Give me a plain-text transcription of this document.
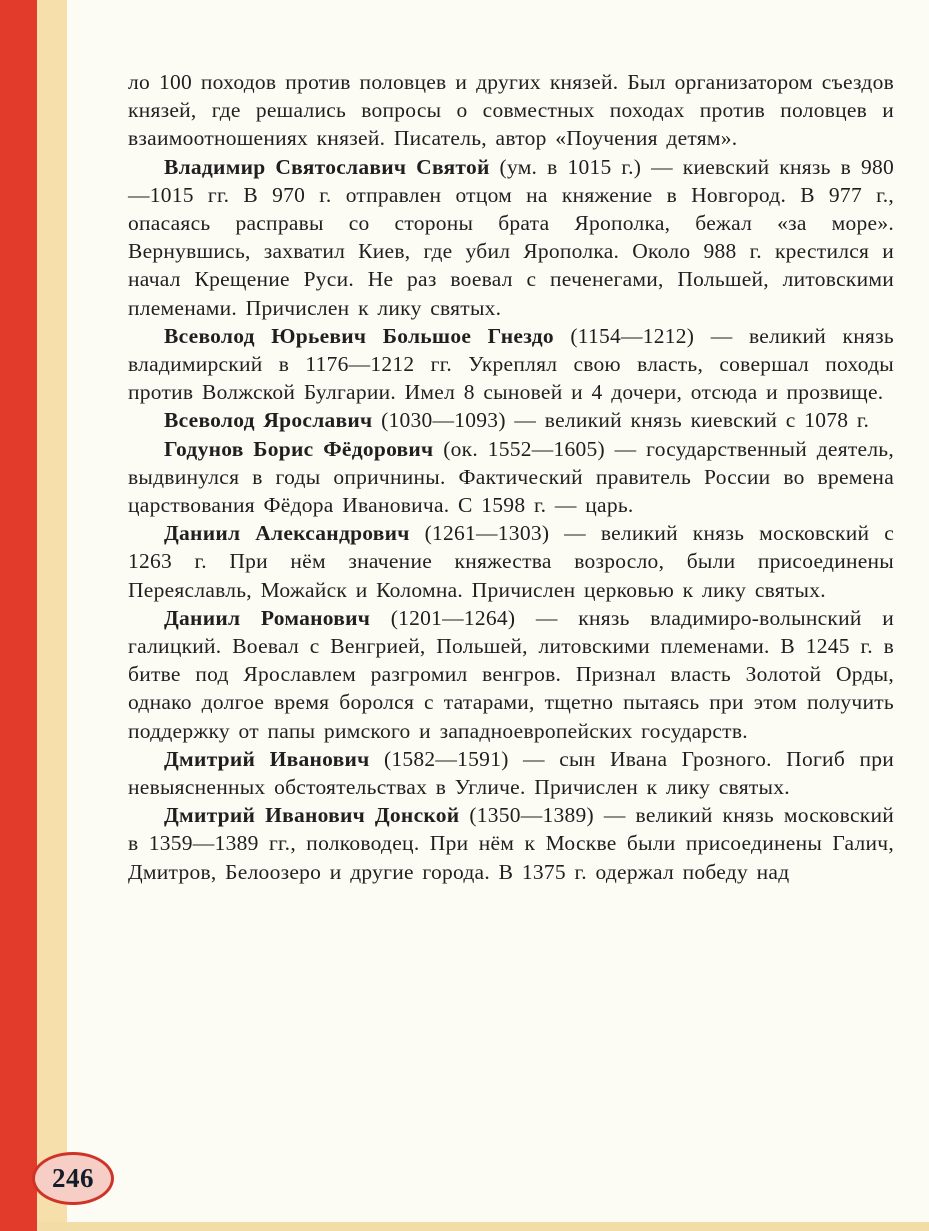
ло 100 походов против половцев и других князей. Был организатором съездов князей, где решались вопросы о совместных походах против половцев и взаимоотношениях князей. Писатель, автор «Поучения детям».

Владимир Святославич Святой (ум. в 1015 г.) — киевский князь в 980—1015 гг. В 970 г. отправлен отцом на княжение в Новгород. В 977 г., опасаясь расправы со стороны брата Ярополка, бежал «за море». Вернувшись, захватил Киев, где убил Ярополка. Около 988 г. крестился и начал Крещение Руси. Не раз воевал с печенегами, Польшей, литовскими племенами. Причислен к лику святых.

Всеволод Юрьевич Большое Гнездо (1154—1212) — великий князь владимирский в 1176—1212 гг. Укреплял свою власть, совершал походы против Волжской Булгарии. Имел 8 сыновей и 4 дочери, отсюда и прозвище.

Всеволод Ярославич (1030—1093) — великий князь киевский с 1078 г.

Годунов Борис Фёдорович (ок. 1552—1605) — государственный деятель, выдвинулся в годы опричнины. Фактический правитель России во времена царствования Фёдора Ивановича. С 1598 г. — царь.

Даниил Александрович (1261—1303) — великий князь московский с 1263 г. При нём значение княжества возросло, были присоединены Переяславль, Можайск и Коломна. Причислен церковью к лику святых.

Даниил Романович (1201—1264) — князь владимиро-волынский и галицкий. Воевал с Венгрией, Польшей, литовскими племенами. В 1245 г. в битве под Ярославлем разгромил венгров. Признал власть Золотой Орды, однако долгое время боролся с татарами, тщетно пытаясь при этом получить поддержку от папы римского и западноевропейских государств.

Дмитрий Иванович (1582—1591) — сын Ивана Грозного. Погиб при невыясненных обстоятельствах в Угличе. Причислен к лику святых.

Дмитрий Иванович Донской (1350—1389) — великий князь московский в 1359—1389 гг., полководец. При нём к Москве были присоединены Галич, Дмитров, Белоозеро и другие города. В 1375 г. одержал победу над

246
